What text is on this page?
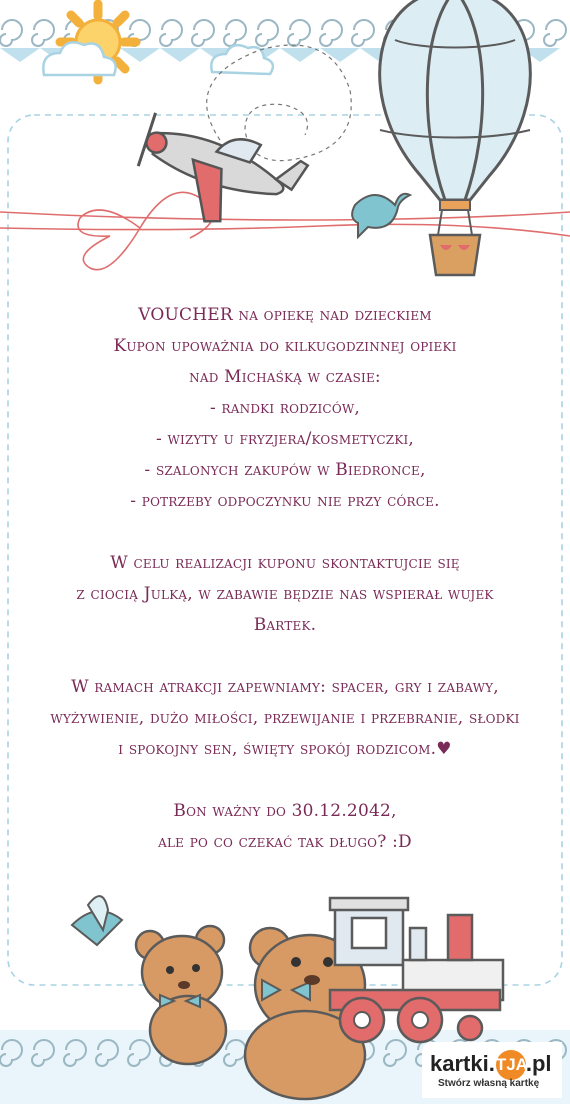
VOUCHER na opiekę nad dzieckiem
Kupon upoważnia do kilkugodzinnej opieki
nad Michaśką w czasie:
- randki rodziców,
- wizyty u fryzjera/kosmetyczki,
- szalonych zakupów w Biedronce,
- potrzeby odpoczynku nie przy córce.
W celu realizacji kuponu skontaktujcie się
z ciocią Julką, w zabawie będzie nas wspierał wujek
Bartek.
W ramach atrakcji zapewniamy: spacer, gry i zabawy,
wyżywienie, dużo miłości, przewijanie i przebranie, słodki
i spokojny sen, święty spokój rodzicom.♥
Bon ważny do 30.12.2042,
ale po co czekać tak długo? :D
kartki.TJA.pl
Stwórz własną kartkę
